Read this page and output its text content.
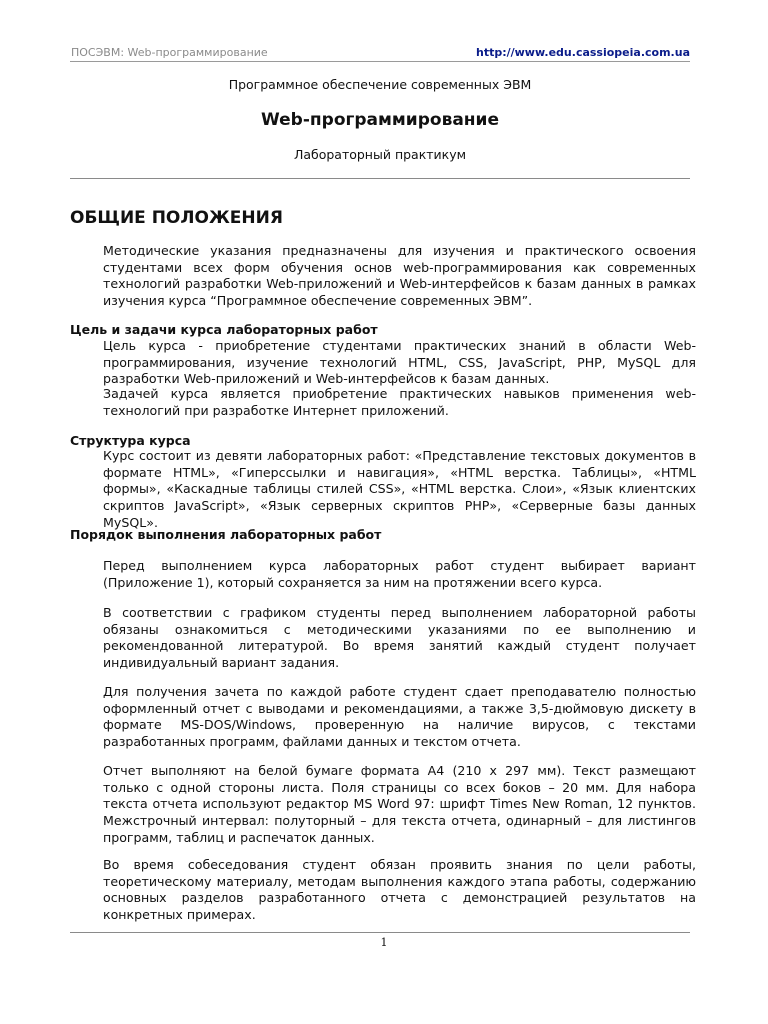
ПОСЭВМ: Web-программирование	http://www.edu.cassiopeia.com.ua
Программное обеспечение современных ЭВМ
Web-программирование
Лабораторный практикум
ОБЩИЕ ПОЛОЖЕНИЯ

Методические указания предназначены для изучения и практического освоения студентами всех форм обучения основ web-программирования как современных технологий разработки Web-приложений и Web-интерфейсов к базам данных в рамках изучения курса “Программное обеспечение современных ЭВМ”.

Цель и задачи курса лабораторных работ

Цель курса - приобретение студентами практических знаний в области Web-программирования, изучение технологий HTML, CSS, JavaScript, PHP, MySQL для разработки Web-приложений и Web-интерфейсов к базам данных.

Задачей курса является приобретение практических навыков применения web-технологий при разработке Интернет приложений.

Структура курса

Курс состоит из девяти лабораторных работ: «Представление текстовых документов в формате HTML», «Гиперссылки и навигация», «HTML верстка. Таблицы», «HTML формы», «Каскадные таблицы стилей CSS», «HTML верстка. Слои», «Язык клиентских скриптов JavaScript», «Язык серверных скриптов PHP», «Серверные базы данных MySQL».

Порядок выполнения лабораторных работ

Перед выполнением курса лабораторных работ студент выбирает вариант (Приложение 1), который сохраняется за ним на протяжении всего курса.

В соответствии с графиком студенты перед выполнением лабораторной работы обязаны ознакомиться с методическими указаниями по ее выполнению и рекомендованной литературой. Во время занятий каждый студент получает индивидуальный вариант задания.

Для получения зачета по каждой работе студент сдает преподавателю полностью оформленный отчет с выводами и рекомендациями, а также 3,5-дюймовую дискету в формате MS-DOS/Windows, проверенную на наличие вирусов, с текстами разработанных программ, файлами данных и текстом отчета.

Отчет выполняют на белой бумаге формата А4 (210 x 297 мм). Текст размещают только с одной стороны листа. Поля страницы со всех боков – 20 мм. Для набора текста отчета используют редактор MS Word 97: шрифт Times New Roman, 12 пунктов. Межстрочный интервал: полуторный – для текста отчета, одинарный – для листингов программ, таблиц и распечаток данных.

Во время собеседования студент обязан проявить знания по цели работы, теоретическому материалу, методам выполнения каждого этапа работы, содержанию основных разделов разработанного отчета с демонстрацией результатов на конкретных примерах.

1
